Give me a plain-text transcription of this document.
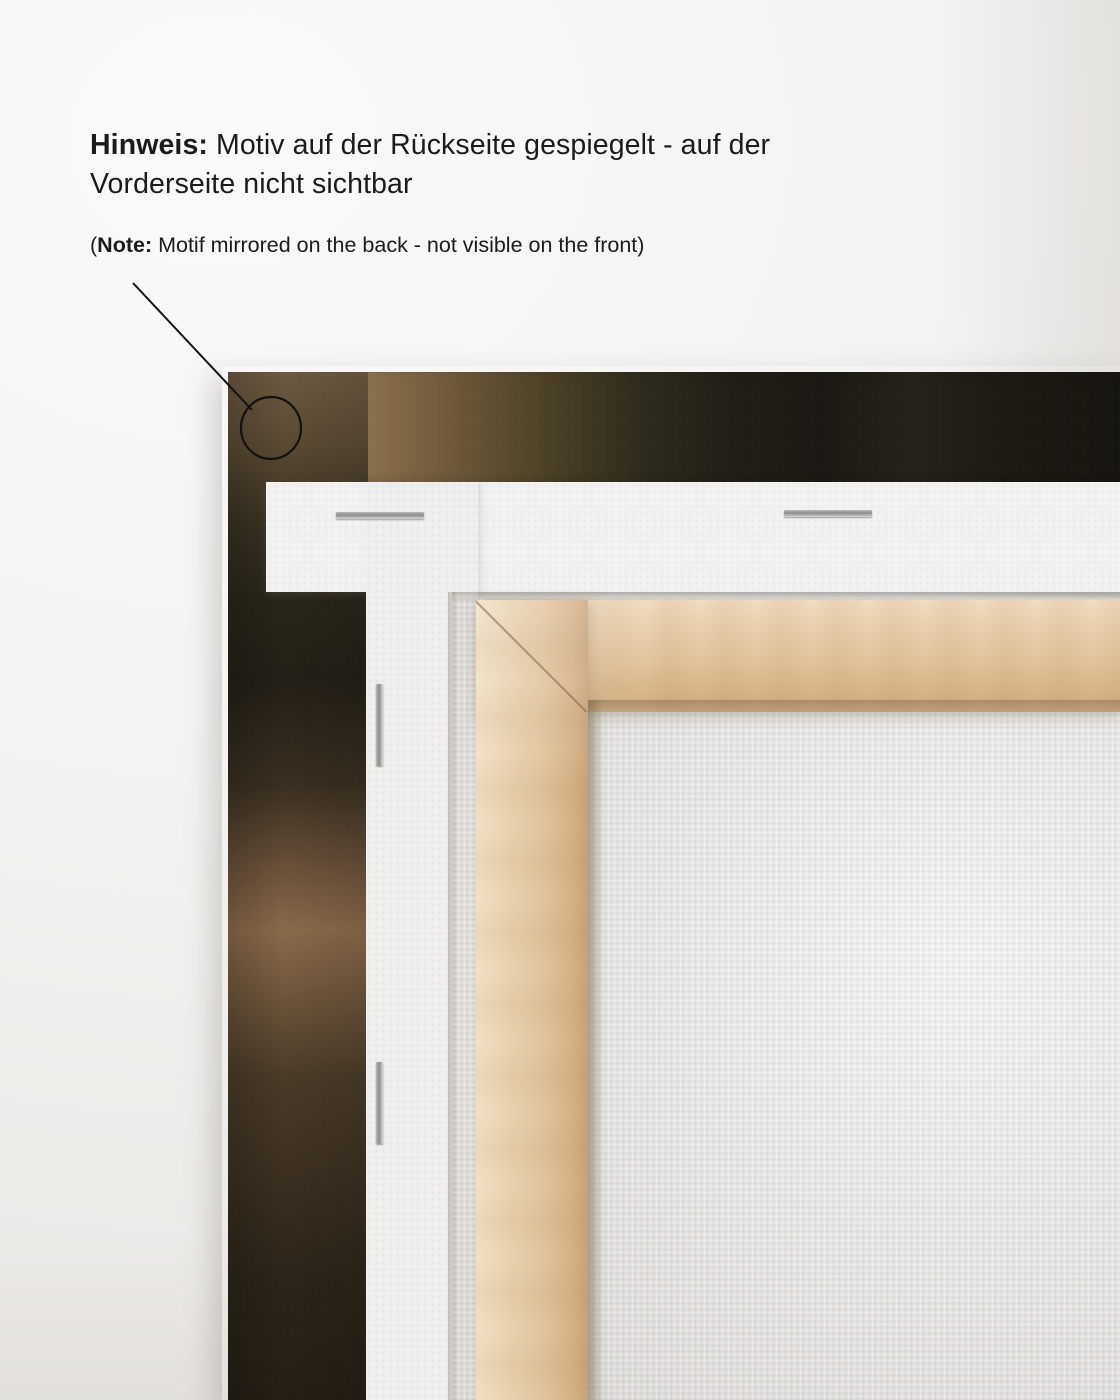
Hinweis: Motiv auf der Rückseite gespiegelt - auf der Vorderseite nicht sichtbar
(Note: Motif mirrored on the back - not visible on the front)
